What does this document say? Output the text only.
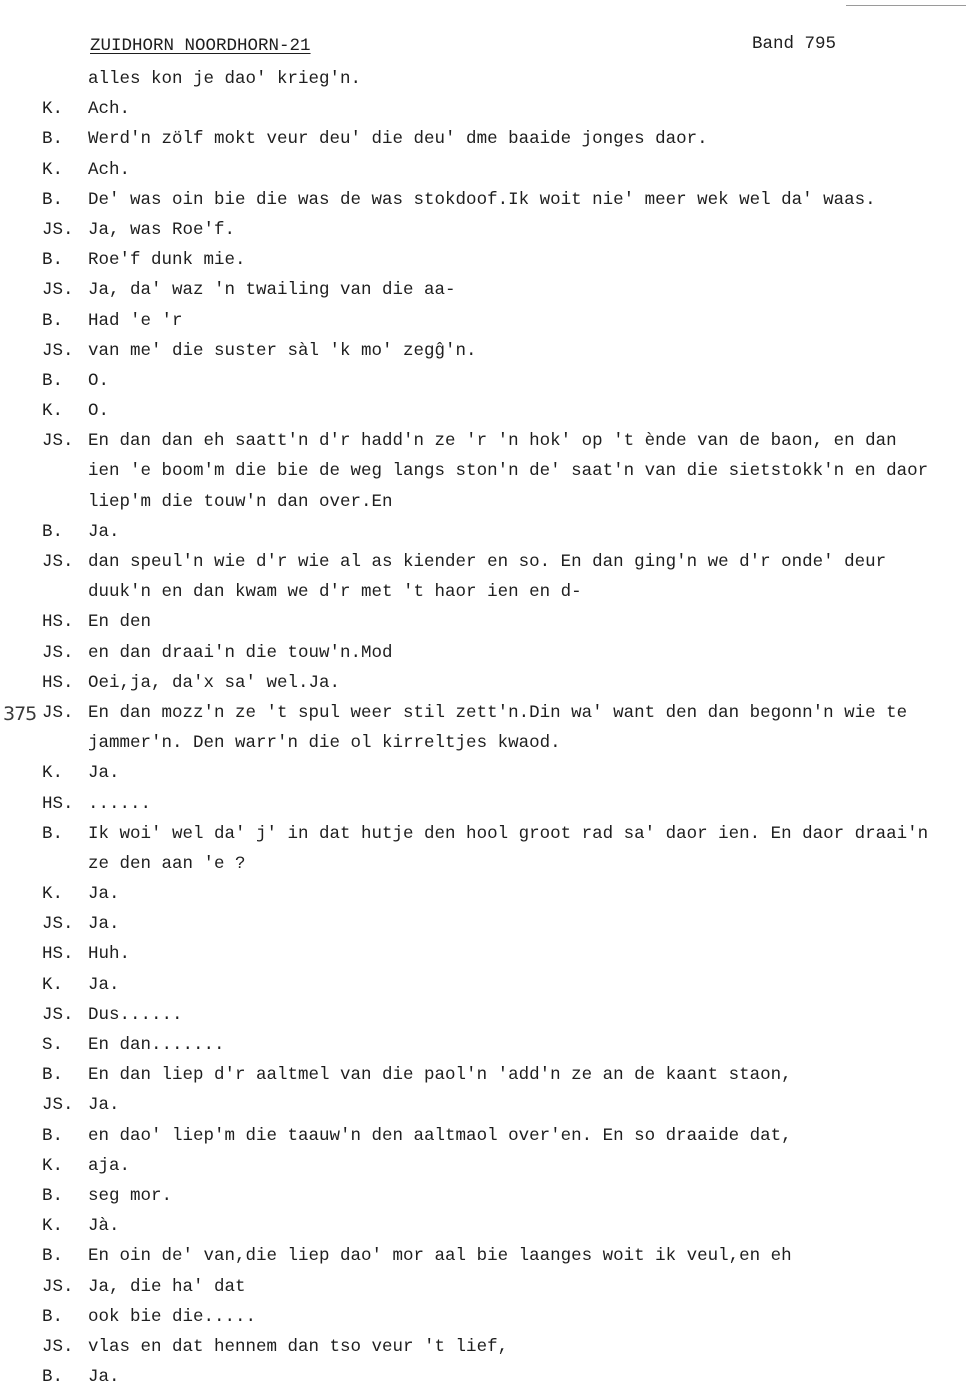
ZUIDHORN NOORDHORN-21	Band 795
375
alles kon je dao' krieg'n.
K.	Ach.
B.	Werd'n zölf mokt veur deu' die deu' dme baaide jonges daor.
K.	Ach.
B.	De' was oin bie die was de was stokdoof.Ik woit nie' meer wek wel da' waas.
JS. Ja, was Roe'f.
B.	Roe'f dunk mie.
JS. Ja, da' waz 'n twailing van die aa-
B.	Had 'e 'r
JS. van me' die suster sàl 'k mo' zegĝ'n.
B.	O.
K.	O.
JS. En dan dan eh saatt'n d'r hadd'n ze 'r 'n hok' op 't ènde van de baon, en dan
ien 'e boom'm die bie de weg langs ston'n de' saat'n van die sietstokk'n en daor
liep'm die touw'n dan over.En
B.	Ja.
JS. dan speul'n wie d'r wie al as kiender en so. En dan ging'n we d'r onde' deur
duuk'n en dan kwam we d'r met 't haor ien en d-
HS. En den
JS. en dan draai'n die touw'n.Mod
HS. Oei,ja, da'x sa' wel.Ja.
JS. En dan mozz'n ze 't spul weer stil zett'n.Din wa' want den dan begonn'n wie te
jammer'n. Den warr'n die ol kirreltjes kwaod.
K.	Ja.
HS. ......
B.	Ik woi' wel da' j' in dat hutje den hool groot rad sa' daor ien. En daor draai'n
ze den aan 'e ?
K.	Ja.
JS. Ja.
HS. Huh.
K.	Ja.
JS. Dus......
S.	En dan.......
B.	En dan liep d'r aaltmel van die paol'n 'add'n ze an de kaant staon,
JS. Ja.
B.	en dao' liep'm die taauw'n den aaltmaol over'en. En so draaide dat,
K.	aja.
B.	seg mor.
K.	Jà.
B.	En oin de' van,die liep dao' mor aal bie laanges woit ik veul,en eh
JS. Ja, die ha' dat
B.	ook bie die.....
JS. vlas en dat hennem dan tso veur 't lief,
B.	Ja.
